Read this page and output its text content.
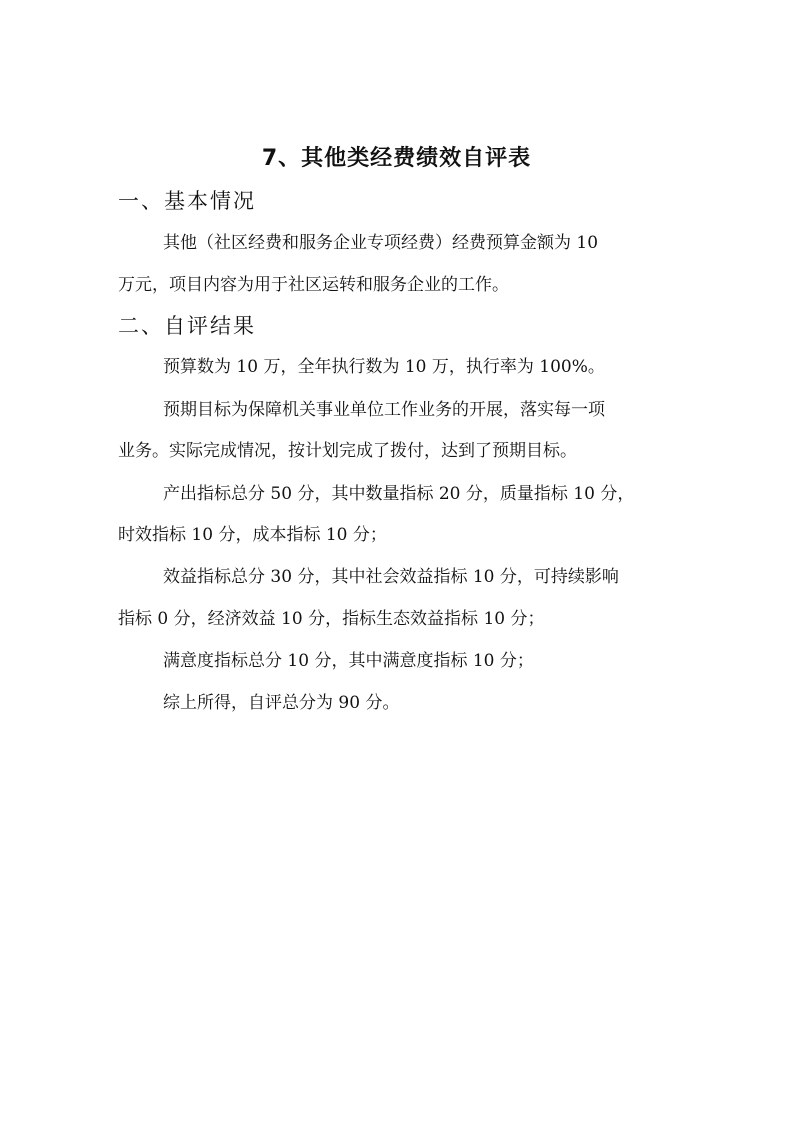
7、其他类经费绩效自评表
一、基本情况
其他（社区经费和服务企业专项经费）经费预算金额为 10
万元，项目内容为用于社区运转和服务企业的工作。
二、自评结果
预算数为 10 万，全年执行数为 10 万，执行率为 100%。
预期目标为保障机关事业单位工作业务的开展，落实每一项
业务。实际完成情况，按计划完成了拨付，达到了预期目标。
产出指标总分 50 分，其中数量指标 20 分，质量指标 10 分，
时效指标 10 分，成本指标 10 分；
效益指标总分 30 分，其中社会效益指标 10 分，可持续影响
指标 0 分，经济效益 10 分，指标生态效益指标 10 分；
满意度指标总分 10 分，其中满意度指标 10 分；
综上所得，自评总分为 90 分。
